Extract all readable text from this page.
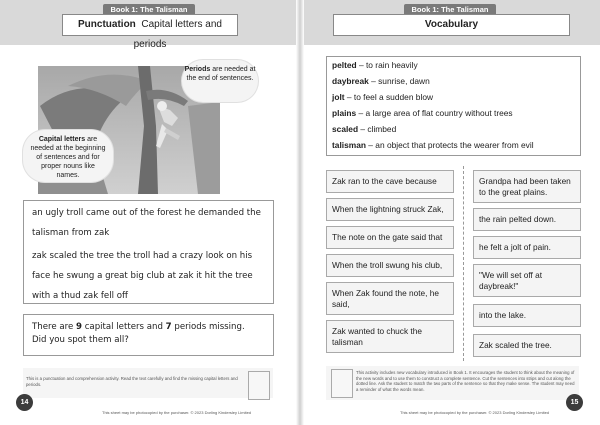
Book 1: The Talisman
Punctuation Capital letters and periods
Periods are needed at the end of sentences.
Capital letters are needed at the beginning of sentences and for proper nouns like names.
an ugly troll came out of the forest he demanded the
talisman from zak
zak scaled the tree the troll had a crazy look on his
face he swung a great big club at zak it hit the tree
with a thud zak fell off
There are 9 capital letters and 7 periods missing.
Did you spot them all?
This is a punctuation and comprehension activity. Read the text carefully and find the missing capital letters and periods.
14
This sheet may be photocopied by the purchaser. © 2023 Dorling Kindersley Limited
Book 1: The Talisman
Vocabulary
pelted – to rain heavily
daybreak – sunrise, dawn
jolt – to feel a sudden blow
plains – a large area of flat country without trees
scaled – climbed
talisman – an object that protects the wearer from evil
Zak ran to the cave because
When the lightning struck Zak,
The note on the gate said that
When the troll swung his club,
When Zak found the note, he said,
Zak wanted to chuck the talisman
Grandpa had been taken to the great plains.
the rain pelted down.
he felt a jolt of pain.
"We will set off at daybreak!"
into the lake.
Zak scaled the tree.
This activity includes new vocabulary introduced in Book 1. It encourages the student to think about the meaning of the new words and to use them to construct a complete sentence. Cut the sentences into strips and cut along the dotted line. Ask the student to match the two parts of the sentence so that they make sense. The student may need a reminder of what the words mean.
15
This sheet may be photocopied by the purchaser. © 2023 Dorling Kindersley Limited
